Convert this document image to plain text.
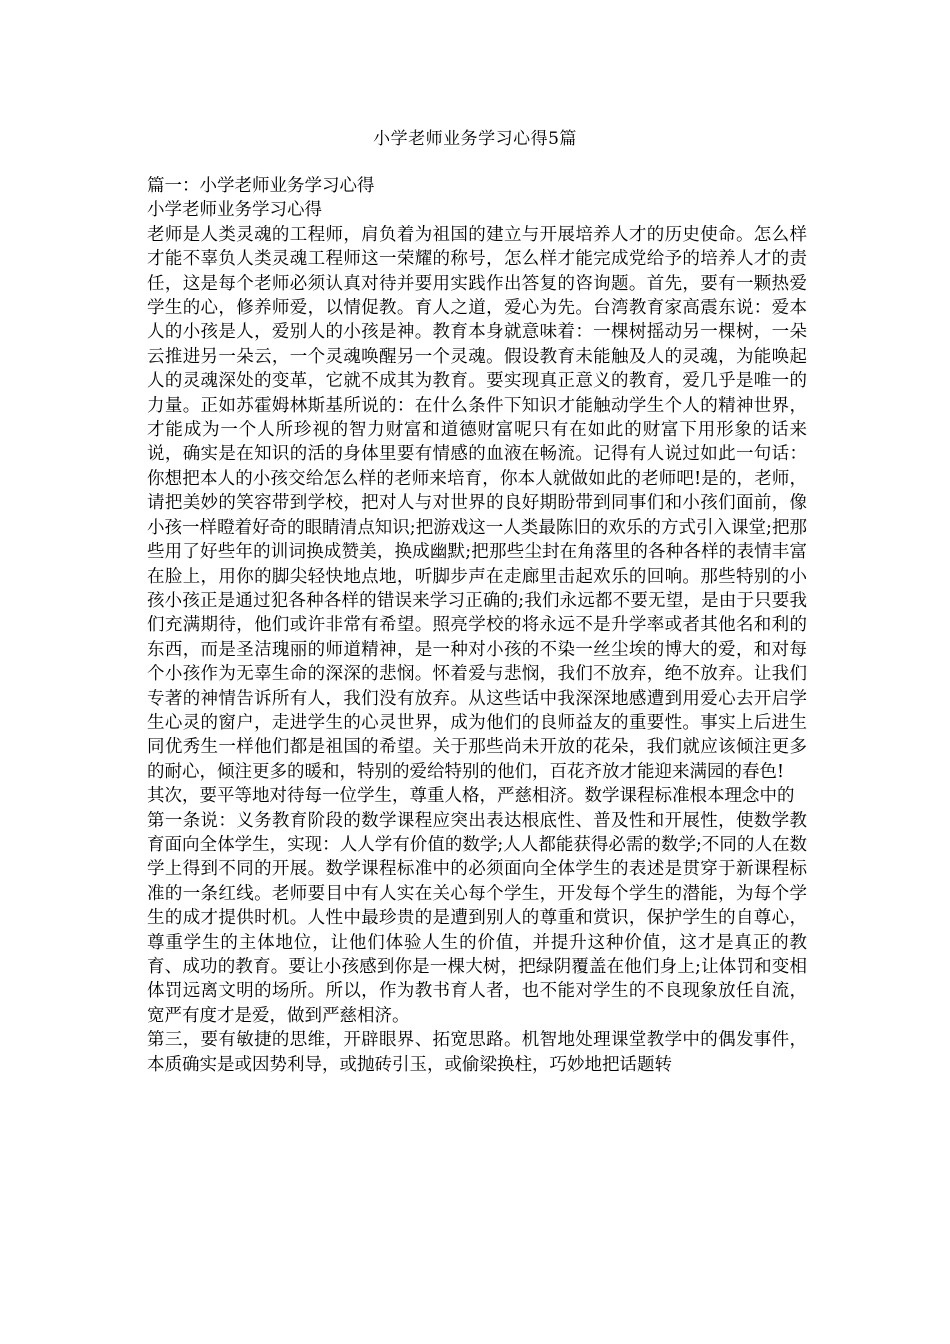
小学老师业务学习心得5篇

篇一：小学老师业务学习心得

小学老师业务学习心得

老师是人类灵魂的工程师，肩负着为祖国的建立与开展培养人才的历史使命。怎么样才能不辜负人类灵魂工程师这一荣耀的称号，怎么样才能完成党给予的培养人才的责任，这是每个老师必须认真对待并要用实践作出答复的咨询题。首先，要有一颗热爱学生的心，修养师爱，以情促教。育人之道，爱心为先。台湾教育家高震东说：爱本人的小孩是人，爱别人的小孩是神。教育本身就意味着：一棵树摇动另一棵树，一朵云推进另一朵云，一个灵魂唤醒另一个灵魂。假设教育未能触及人的灵魂，为能唤起人的灵魂深处的变革，它就不成其为教育。要实现真正意义的教育，爱几乎是唯一的力量。正如苏霍姆林斯基所说的：在什么条件下知识才能触动学生个人的精神世界，才能成为一个人所珍视的智力财富和道德财富呢只有在如此的财富下用形象的话来说，确实是在知识的活的身体里要有情感的血液在畅流。记得有人说过如此一句话：你想把本人的小孩交给怎么样的老师来培育，你本人就做如此的老师吧!是的，老师，请把美妙的笑容带到学校，把对人与对世界的良好期盼带到同事们和小孩们面前，像小孩一样瞪着好奇的眼睛清点知识;把游戏这一人类最陈旧的欢乐的方式引入课堂;把那些用了好些年的训词换成赞美，换成幽默;把那些尘封在角落里的各种各样的表情丰富在脸上，用你的脚尖轻快地点地，听脚步声在走廊里击起欢乐的回响。那些特别的小孩小孩正是通过犯各种各样的错误来学习正确的;我们永远都不要无望，是由于只要我们充满期待，他们或许非常有希望。照亮学校的将永远不是升学率或者其他名和利的东西，而是圣洁瑰丽的师道精神，是一种对小孩的不染一丝尘埃的博大的爱，和对每个小孩作为无辜生命的深深的悲悯。怀着爱与悲悯，我们不放弃，绝不放弃。让我们专著的神情告诉所有人，我们没有放弃。从这些话中我深深地感遭到用爱心去开启学生心灵的窗户，走进学生的心灵世界，成为他们的良师益友的重要性。事实上后进生同优秀生一样他们都是祖国的希望。关于那些尚未开放的花朵，我们就应该倾注更多的耐心，倾注更多的暖和，特别的爱给特别的他们，百花齐放才能迎来满园的春色!

其次，要平等地对待每一位学生，尊重人格，严慈相济。数学课程标准根本理念中的

第一条说：义务教育阶段的数学课程应突出表达根底性、普及性和开展性，使数学教育面向全体学生，实现：人人学有价值的数学;人人都能获得必需的数学;不同的人在数学上得到不同的开展。数学课程标准中的必须面向全体学生的表述是贯穿于新课程标准的一条红线。老师要目中有人实在关心每个学生，开发每个学生的潜能，为每个学生的成才提供时机。人性中最珍贵的是遭到别人的尊重和赏识，保护学生的自尊心，尊重学生的主体地位，让他们体验人生的价值，并提升这种价值，这才是真正的教育、成功的教育。要让小孩感到你是一棵大树，把绿阴覆盖在他们身上;让体罚和变相体罚远离文明的场所。所以，作为教书育人者，也不能对学生的不良现象放任自流，宽严有度才是爱，做到严慈相济。

第三，要有敏捷的思维，开辟眼界、拓宽思路。机智地处理课堂教学中的偶发事件，本质确实是或因势利导，或抛砖引玉，或偷梁换柱，巧妙地把话题转
